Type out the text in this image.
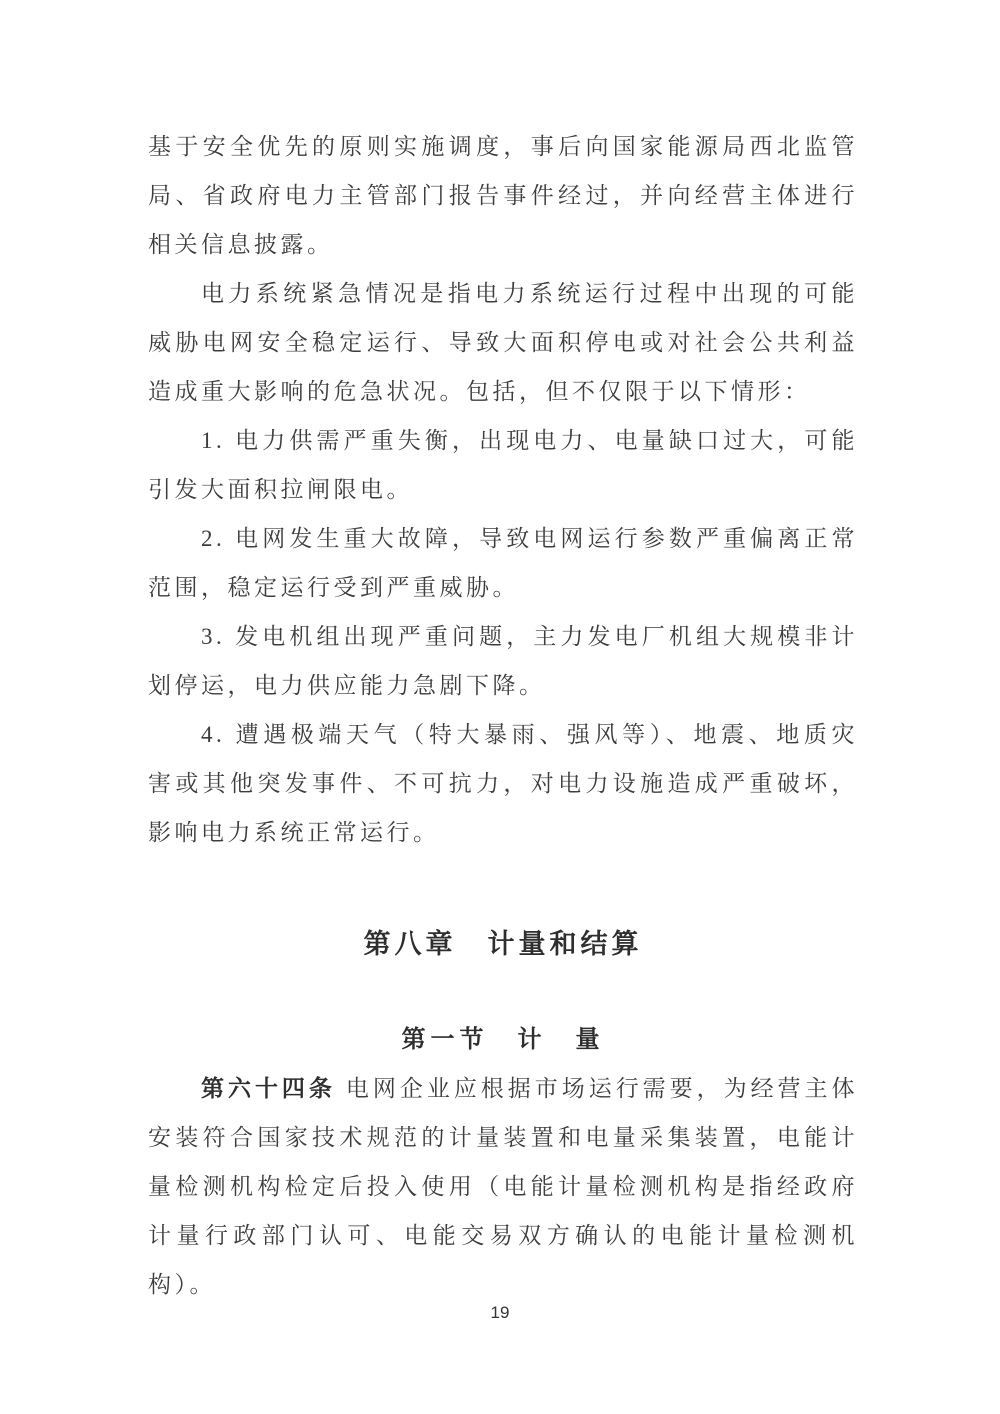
基于安全优先的原则实施调度，事后向国家能源局西北监管局、省政府电力主管部门报告事件经过，并向经营主体进行相关信息披露。

电力系统紧急情况是指电力系统运行过程中出现的可能威胁电网安全稳定运行、导致大面积停电或对社会公共利益造成重大影响的危急状况。包括，但不仅限于以下情形：

1. 电力供需严重失衡，出现电力、电量缺口过大，可能引发大面积拉闸限电。

2. 电网发生重大故障，导致电网运行参数严重偏离正常范围，稳定运行受到严重威胁。

3. 发电机组出现严重问题，主力发电厂机组大规模非计划停运，电力供应能力急剧下降。

4. 遭遇极端天气（特大暴雨、强风等）、地震、地质灾害或其他突发事件、不可抗力，对电力设施造成严重破坏，影响电力系统正常运行。

第八章　计量和结算
第一节　计　量

第六十四条 电网企业应根据市场运行需要，为经营主体安装符合国家技术规范的计量装置和电量采集装置，电能计量检测机构检定后投入使用（电能计量检测机构是指经政府计量行政部门认可、电能交易双方确认的电能计量检测机构）。

19
